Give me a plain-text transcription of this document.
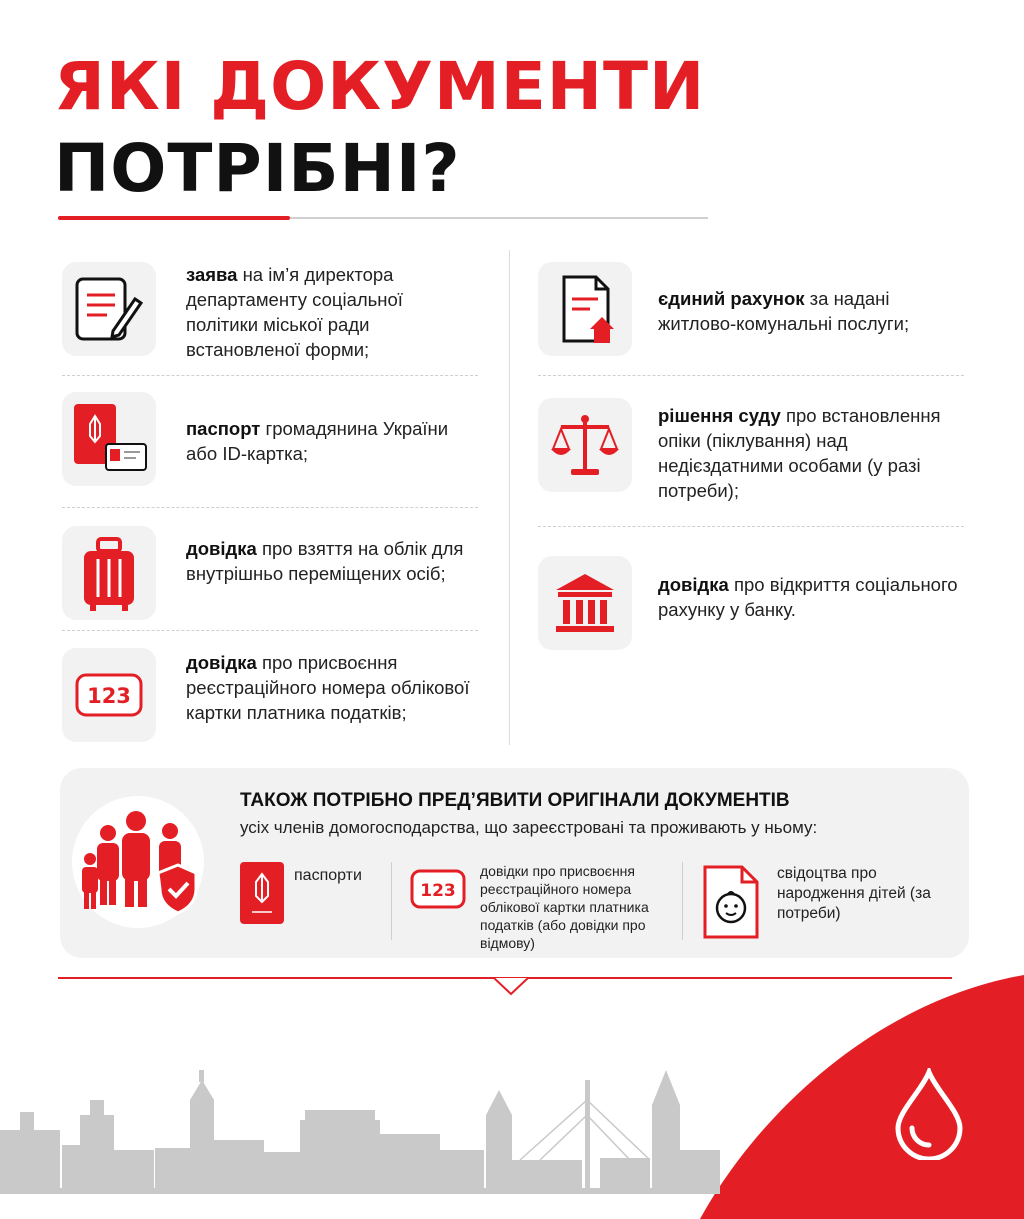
ЯКІ ДОКУМЕНТИ
ПОТРІБНІ?
заява на ім’я директора департаменту соціальної політики міської ради встановленої форми;
паспорт громадянина України або ID-картка;
довідка про взяття на облік для внутрішньо переміщених осіб;
123
довідка про присвоєння реєстраційного номера облікової картки платника податків;
єдиний рахунок за надані житлово-комунальні послуги;
рішення суду про встановлення опіки (піклування) над недієздатними особами (у разі потреби);
довідка про відкриття соціального рахунку у банку.
ТАКОЖ ПОТРІБНО ПРЕД’ЯВИТИ ОРИГІНАЛИ ДОКУМЕНТІВ
усіх членів домогосподарства, що зареєстровані та проживають у ньому:
паспорти
123
довідки про присвоєння реєстраційного номера облікової картки платника податків (або довідки про відмову)
свідоцтва про народження дітей (за потреби)
